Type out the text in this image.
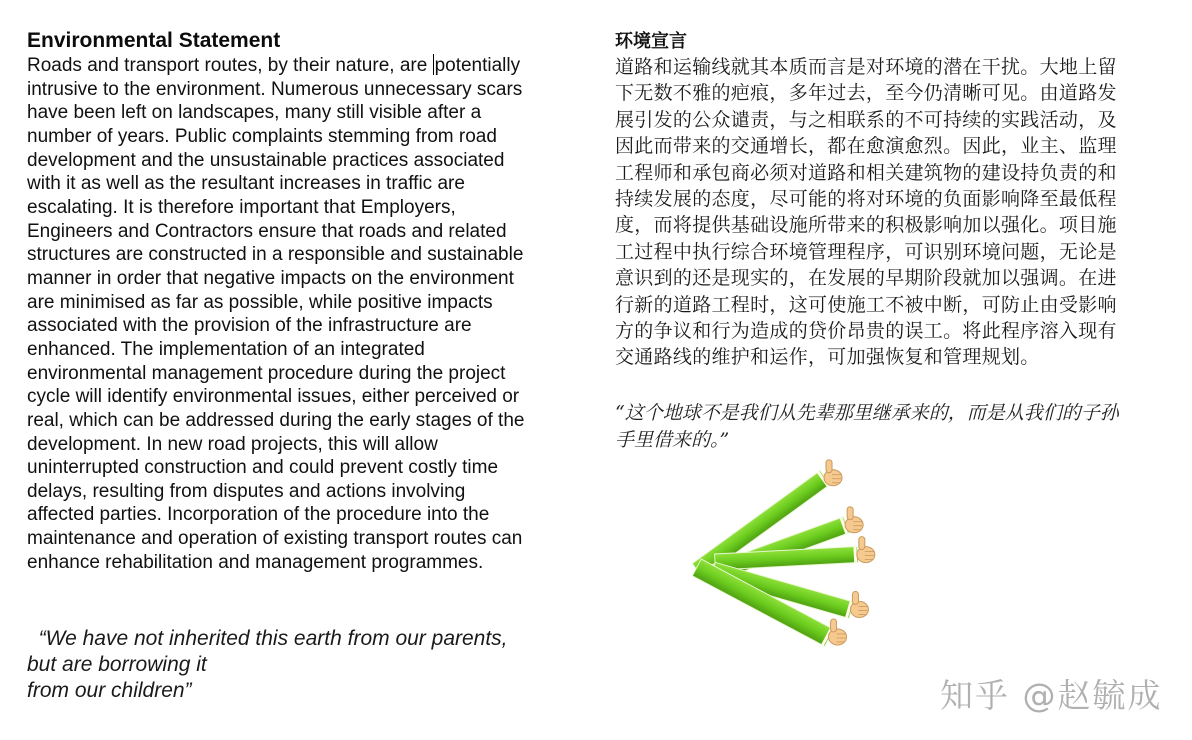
Environmental Statement
Roads and transport routes, by their nature, are potentially
intrusive to the environment. Numerous unnecessary scars
have been left on landscapes, many still visible after a
number of years. Public complaints stemming from road
development and the unsustainable practices associated
with it as well as the resultant increases in traffic are
escalating. It is therefore important that Employers,
Engineers and Contractors ensure that roads and related
structures are constructed in a responsible and sustainable
manner in order that negative impacts on the environment
are minimised as far as possible, while positive impacts
associated with the provision of the infrastructure are
enhanced. The implementation of an integrated
environmental management procedure during the project
cycle will identify environmental issues, either perceived or
real, which can be addressed during the early stages of the
development. In new road projects, this will allow
uninterrupted construction and could prevent costly time
delays, resulting from disputes and actions involving
affected parties. Incorporation of the procedure into the
maintenance and operation of existing transport routes can
enhance rehabilitation and management programmes.
“We have not inherited this earth from our parents,
but are borrowing it
from our children”
环境宣言
道路和运输线就其本质而言是对环境的潜在干扰。大地上留
下无数不雅的疤痕，多年过去，至今仍清晰可见。由道路发
展引发的公众谴责，与之相联系的不可持续的实践活动，及
因此而带来的交通增长，都在愈演愈烈。因此，业主、监理
工程师和承包商必须对道路和相关建筑物的建设持负责的和
持续发展的态度，尽可能的将对环境的负面影响降至最低程
度，而将提供基础设施所带来的积极影响加以强化。项目施
工过程中执行综合环境管理程序，可识别环境问题，无论是
意识到的还是现实的，在发展的早期阶段就加以强调。在进
行新的道路工程时，这可使施工不被中断，可防止由受影响
方的争议和行为造成的贷价昂贵的误工。将此程序溶入现有
交通路线的维护和运作，可加强恢复和管理规划。
“这个地球不是我们从先辈那里继承来的，而是从我们的子孙
手里借来的。”
知乎 @赵毓成
